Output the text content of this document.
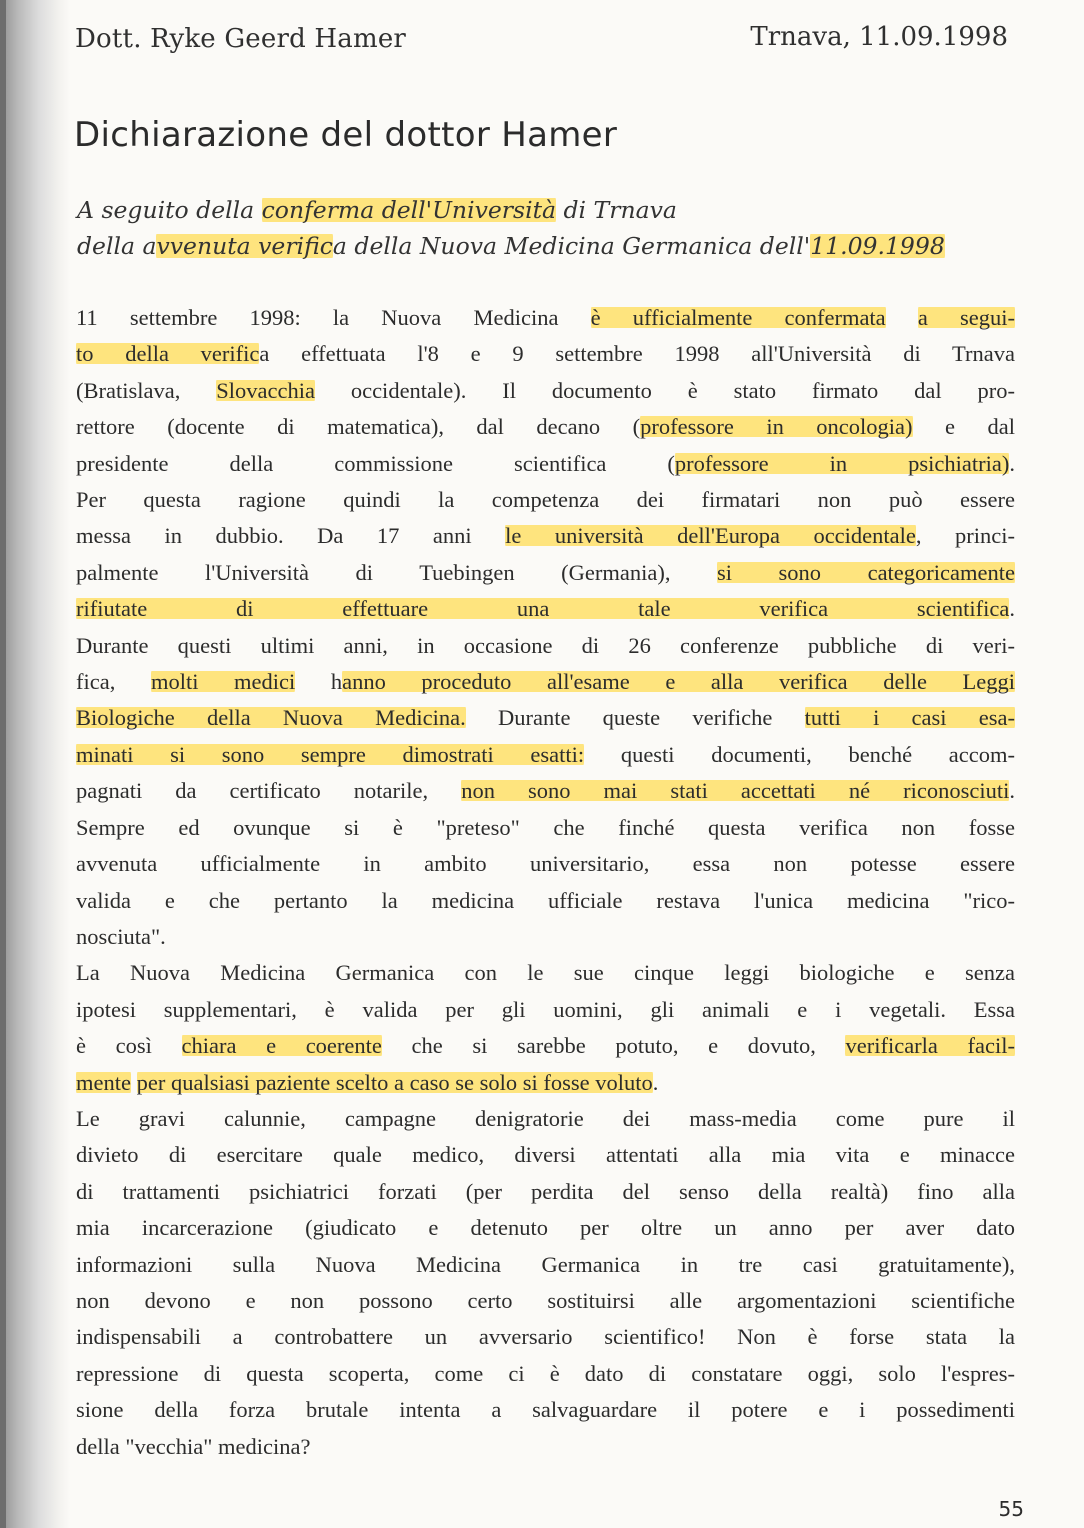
Dott. Ryke Geerd Hamer	Trnava, 11.09.1998
Dichiarazione del dottor Hamer
A seguito della conferma dell'Università di Trnava
della avvenuta verifica della Nuova Medicina Germanica dell'11.09.1998
11 settembre 1998: la Nuova Medicina è ufficialmente confermata a segui-
to della verifica effettuata l'8 e 9 settembre 1998 all'Università di Trnava
(Bratislava, Slovacchia occidentale). Il documento è stato firmato dal pro-
rettore (docente di matematica), dal decano (professore in oncologia) e dal
presidente della commissione scientifica (professore in psichiatria).
Per questa ragione quindi la competenza dei firmatari non può essere
messa in dubbio. Da 17 anni le università dell'Europa occidentale, princi-
palmente l'Università di Tuebingen (Germania), si sono categoricamente
rifiutate di effettuare una tale verifica scientifica.
Durante questi ultimi anni, in occasione di 26 conferenze pubbliche di veri-
fica, molti medici hanno proceduto all'esame e alla verifica delle Leggi
Biologiche della Nuova Medicina. Durante queste verifiche tutti i casi esa-
minati si sono sempre dimostrati esatti: questi documenti, benché accom-
pagnati da certificato notarile, non sono mai stati accettati né riconosciuti.
Sempre ed ovunque si è "preteso" che finché questa verifica non fosse
avvenuta ufficialmente in ambito universitario, essa non potesse essere
valida e che pertanto la medicina ufficiale restava l'unica medicina "rico-
nosciuta".
La Nuova Medicina Germanica con le sue cinque leggi biologiche e senza
ipotesi supplementari, è valida per gli uomini, gli animali e i vegetali. Essa
è così chiara e coerente che si sarebbe potuto, e dovuto, verificarla facil-
mente per qualsiasi paziente scelto a caso se solo si fosse voluto.
Le gravi calunnie, campagne denigratorie dei mass-media come pure il
divieto di esercitare quale medico, diversi attentati alla mia vita e minacce
di trattamenti psichiatrici forzati (per perdita del senso della realtà) fino alla
mia incarcerazione (giudicato e detenuto per oltre un anno per aver dato
informazioni sulla Nuova Medicina Germanica in tre casi gratuitamente),
non devono e non possono certo sostituirsi alle argomentazioni scientifiche
indispensabili a controbattere un avversario scientifico! Non è forse stata la
repressione di questa scoperta, come ci è dato di constatare oggi, solo l'espres-
sione della forza brutale intenta a salvaguardare il potere e i possedimenti
della "vecchia" medicina?
55
